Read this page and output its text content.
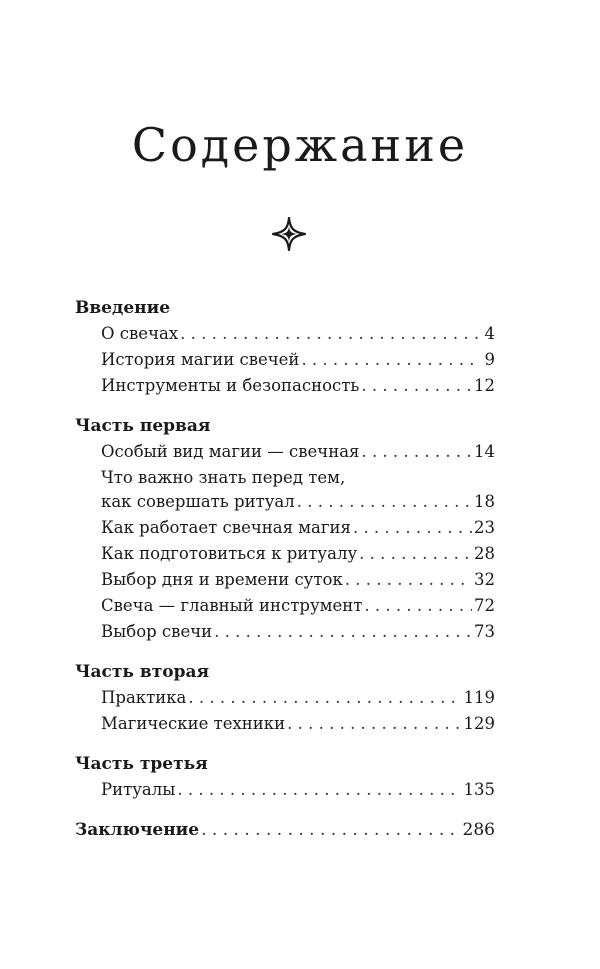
Содержание
Введение
О свечах . . .	4
История магии свечей . . .	9
Инструменты и безопасность . . .	12
Часть первая
Особый вид магии — свечная . . .	14
Что важно знать перед тем,
как совершать ритуал . . .	18
Как работает свечная магия . . .	23
Как подготовиться к ритуалу . . .	28
Выбор дня и времени суток . . .	32
Свеча — главный инструмент . . .	72
Выбор свечи . . .	73
Часть вторая
Практика . . .	119
Магические техники . . .	129
Часть третья
Ритуалы . . .	135
Заключение . . .	286
